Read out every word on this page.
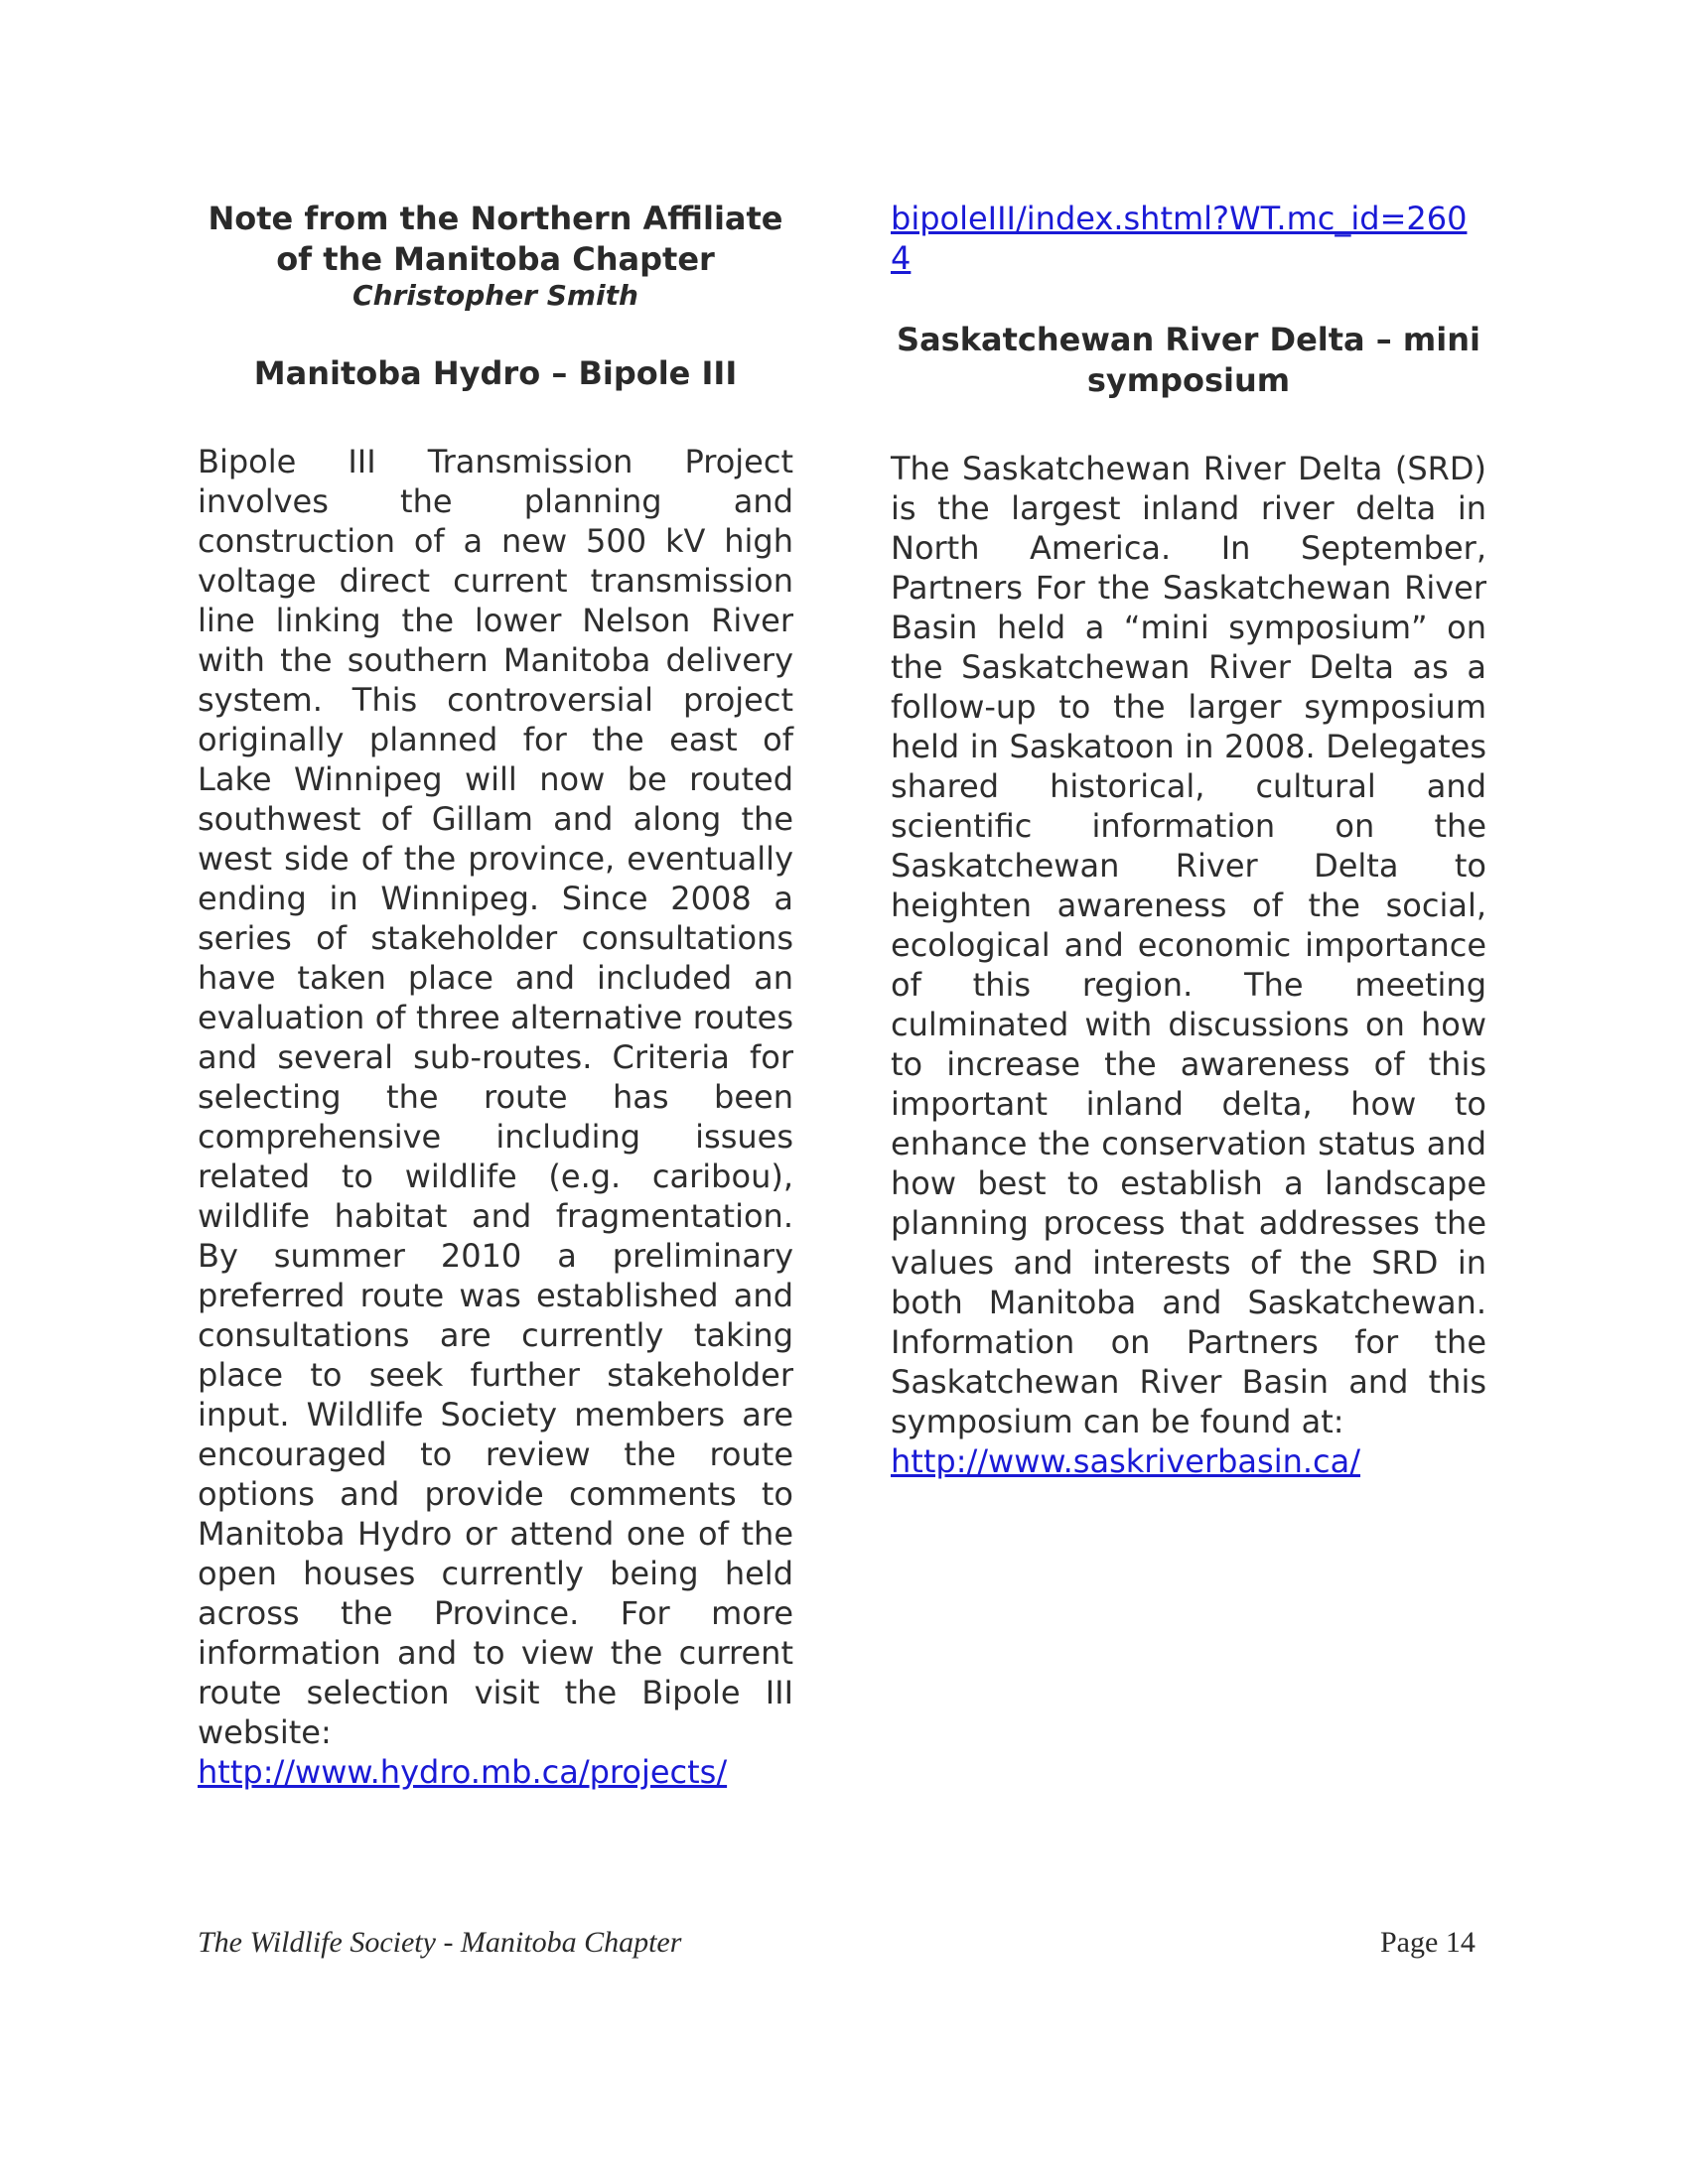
Note from the Northern Affiliate of the Manitoba Chapter

Christopher Smith

Manitoba Hydro – Bipole III

Bipole III Transmission Project involves the planning and construction of a new 500 kV high voltage direct current transmission line linking the lower Nelson River with the southern Manitoba delivery system. This controversial project originally planned for the east of Lake Winnipeg will now be routed southwest of Gillam and along the west side of the province, eventually ending in Winnipeg. Since 2008 a series of stakeholder consultations have taken place and included an evaluation of three alternative routes and several sub-routes. Criteria for selecting the route has been comprehensive including issues related to wildlife (e.g. caribou), wildlife habitat and fragmentation. By summer 2010 a preliminary preferred route was established and consultations are currently taking place to seek further stakeholder input. Wildlife Society members are encouraged to review the route options and provide comments to Manitoba Hydro or attend one of the open houses currently being held across the Province. For more information and to view the current route selection visit the Bipole III website:

http://www.hydro.mb.ca/projects/

bipoleIII/index.shtml?WT.mc_id=2604

Saskatchewan River Delta – mini symposium

The Saskatchewan River Delta (SRD) is the largest inland river delta in North America. In September, Partners For the Saskatchewan River Basin held a “mini symposium” on the Saskatchewan River Delta as a follow-up to the larger symposium held in Saskatoon in 2008. Delegates shared historical, cultural and scientific information on the Saskatchewan River Delta to heighten awareness of the social, ecological and economic importance of this region. The meeting culminated with discussions on how to increase the awareness of this important inland delta, how to enhance the conservation status and how best to establish a landscape planning process that addresses the values and interests of the SRD in both Manitoba and Saskatchewan. Information on Partners for the Saskatchewan River Basin and this symposium can be found at:

http://www.saskriverbasin.ca/

The Wildlife Society - Manitoba Chapter	Page 14
